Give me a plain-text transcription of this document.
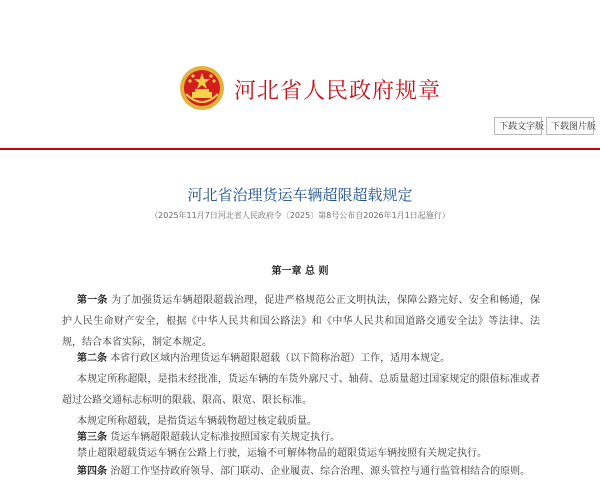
河北省人民政府规章
下载文字版 下载图片版
河北省治理货运车辆超限超载规定
（2025年11月7日河北省人民政府令〔2025〕第8号公布自2026年1月1日起施行）
第一章 总 则
第一条 为了加强货运车辆超限超载治理，促进严格规范公正文明执法，保障公路完好、安全和畅通，保护人民生命财产安全，根据《中华人民共和国公路法》和《中华人民共和国道路交通安全法》等法律、法规，结合本省实际，制定本规定。
第二条 本省行政区域内治理货运车辆超限超载（以下简称治超）工作，适用本规定。
本规定所称超限，是指未经批准，货运车辆的车货外廓尺寸、轴荷、总质量超过国家规定的限值标准或者超过公路交通标志标明的限载、限高、限宽、限长标准。
本规定所称超载，是指货运车辆载物超过核定载质量。
第三条 货运车辆超限超载认定标准按照国家有关规定执行。
禁止超限超载货运车辆在公路上行驶，运输不可解体物品的超限货运车辆按照有关规定执行。
第四条 治超工作坚持政府领导、部门联动、企业履责、综合治理、源头管控与通行监管相结合的原则。
